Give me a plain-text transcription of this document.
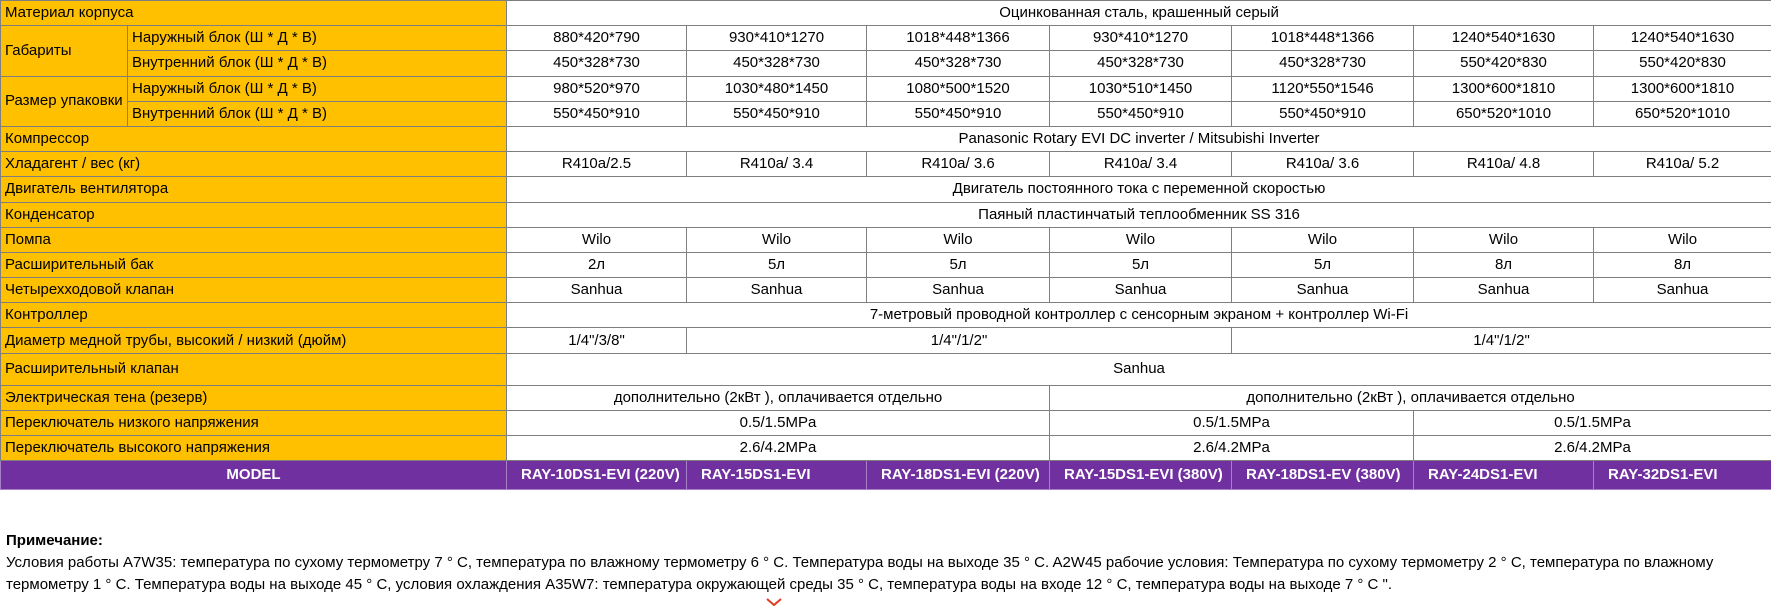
Материал корпуса		Оцинкованная сталь, крашенный серый						
Габариты	Наружный блок (Ш * Д * В)	880*420*790	930*410*1270	1018*448*1366	930*410*1270	1018*448*1366	1240*540*1630	1240*540*1630
	Внутренний блок (Ш * Д * В)	450*328*730	450*328*730	450*328*730	450*328*730	450*328*730	550*420*830	550*420*830
Размер упаковки	Наружный блок (Ш * Д * В)	980*520*970	1030*480*1450	1080*500*1520	1030*510*1450	1120*550*1546	1300*600*1810	1300*600*1810
	Внутренний блок (Ш * Д * В)	550*450*910	550*450*910	550*450*910	550*450*910	550*450*910	650*520*1010	650*520*1010
Компрессор		Panasonic Rotary EVI DC inverter / Mitsubishi Inverter						
Хладагент / вес (кг)		R410a/2.5	R410a/ 3.4	R410a/ 3.6	R410a/ 3.4	R410a/ 3.6	R410a/ 4.8	R410a/ 5.2
Двигатель вентилятора		Двигатель постоянного тока с переменной скоростью						
Конденсатор		Паяный пластинчатый теплообменник SS 316						
Помпа		Wilo	Wilo	Wilo	Wilo	Wilo	Wilo	Wilo
Расширительный бак		2л	5л	5л	5л	5л	8л	8л
Четырехходовой клапан		Sanhua	Sanhua	Sanhua	Sanhua	Sanhua	Sanhua	Sanhua
Контроллер		7-метровый проводной контроллер с сенсорным экраном + контроллер Wi-Fi						
Диаметр медной трубы, высокий / низкий (дюйм)		1/4"/3/8"	1/4"/1/2"			1/4"/1/2"		
Расширительный клапан		Sanhua						
Электрическая тена (резерв)		дополнительно (2кВт ), оплачивается отдельно			дополнительно (2кВт ), оплачивается отдельно			
Переключатель низкого напряжения		0.5/1.5MPa			0.5/1.5MPa		0.5/1.5MPa	
Переключатель высокого напряжения		2.6/4.2MPa			2.6/4.2MPa		2.6/4.2MPa	
MODEL		RAY-10DS1-EVI (220V)	RAY-15DS1-EVI	RAY-18DS1-EVI (220V)	RAY-15DS1-EVI (380V)	RAY-18DS1-EV (380V)	RAY-24DS1-EVI	RAY-32DS1-EVI
Примечание:
Условия работы A7W35: температура по сухому термометру 7 ° C, температура по влажному термометру 6 ° C. Температура воды на выходе 35 ° C. A2W45 рабочие условия: Температура по сухому термометру 2 ° C, температура по влажному термометру 1 ° C. Температура воды на выходе 45 ° C, условия охлаждения A35W7: температура окружающей среды 35 ° C, температура воды на входе 12 ° C, температура воды на выходе 7 ° C ".
